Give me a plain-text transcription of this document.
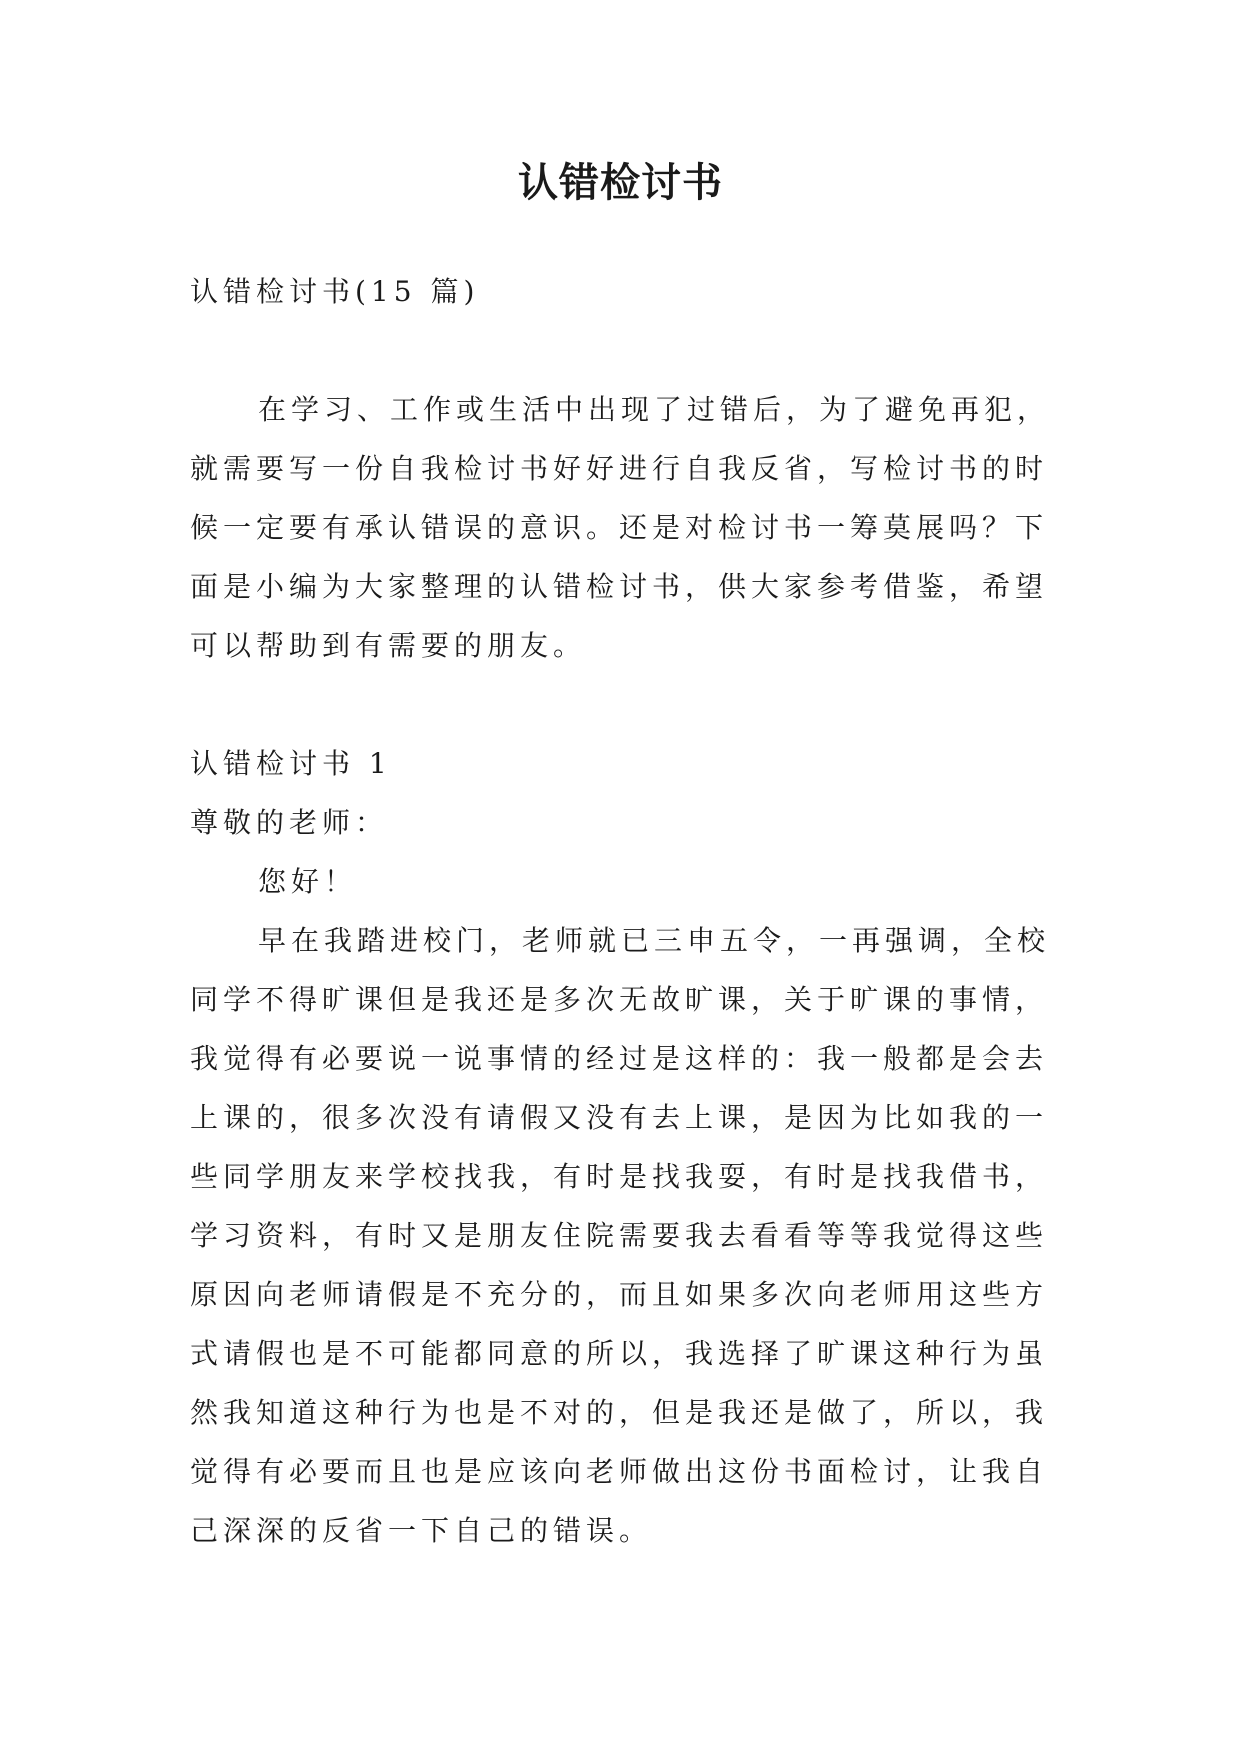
认错检讨书
认错检讨书(15 篇)
在学习、工作或生活中出现了过错后，为了避免再犯，
就需要写一份自我检讨书好好进行自我反省，写检讨书的时
候一定要有承认错误的意识。还是对检讨书一筹莫展吗？下
面是小编为大家整理的认错检讨书，供大家参考借鉴，希望
可以帮助到有需要的朋友。
认错检讨书 1
尊敬的老师：
您好！
早在我踏进校门，老师就已三申五令，一再强调，全校
同学不得旷课但是我还是多次无故旷课，关于旷课的事情，
我觉得有必要说一说事情的经过是这样的：我一般都是会去
上课的，很多次没有请假又没有去上课，是因为比如我的一
些同学朋友来学校找我，有时是找我耍，有时是找我借书，
学习资料，有时又是朋友住院需要我去看看等等我觉得这些
原因向老师请假是不充分的，而且如果多次向老师用这些方
式请假也是不可能都同意的所以，我选择了旷课这种行为虽
然我知道这种行为也是不对的，但是我还是做了，所以，我
觉得有必要而且也是应该向老师做出这份书面检讨，让我自
己深深的反省一下自己的错误。
